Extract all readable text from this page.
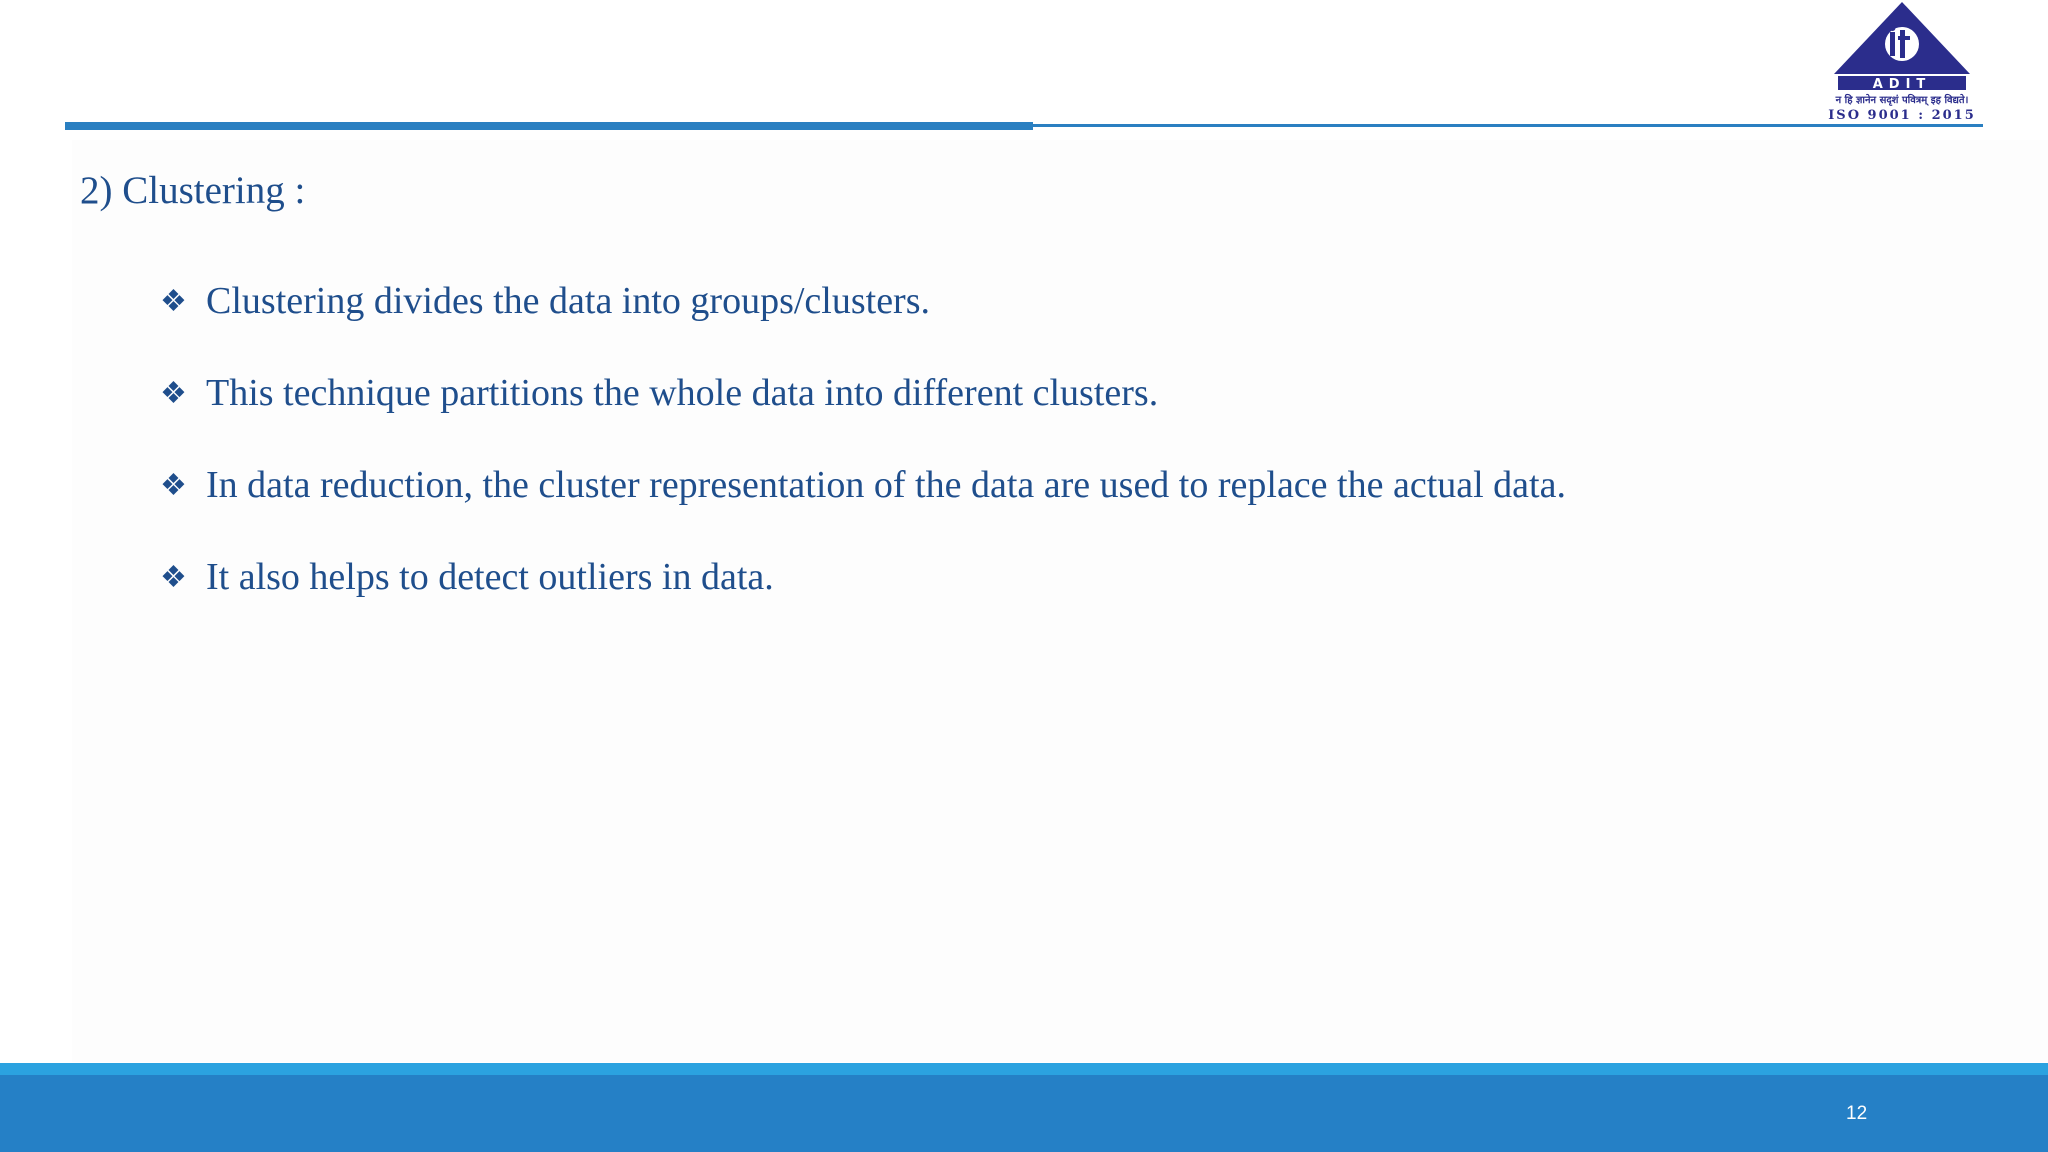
ADIT
न हि ज्ञानेन सदृशं पवित्रम् इह विद्यते।
ISO 9001 : 2015
2) Clustering :
❖ Clustering divides the data into groups/clusters.
❖ This technique partitions the whole data into different clusters.
❖ In data reduction, the cluster representation of the data are used to replace the actual data.
❖ It also helps to detect outliers in data.
12
